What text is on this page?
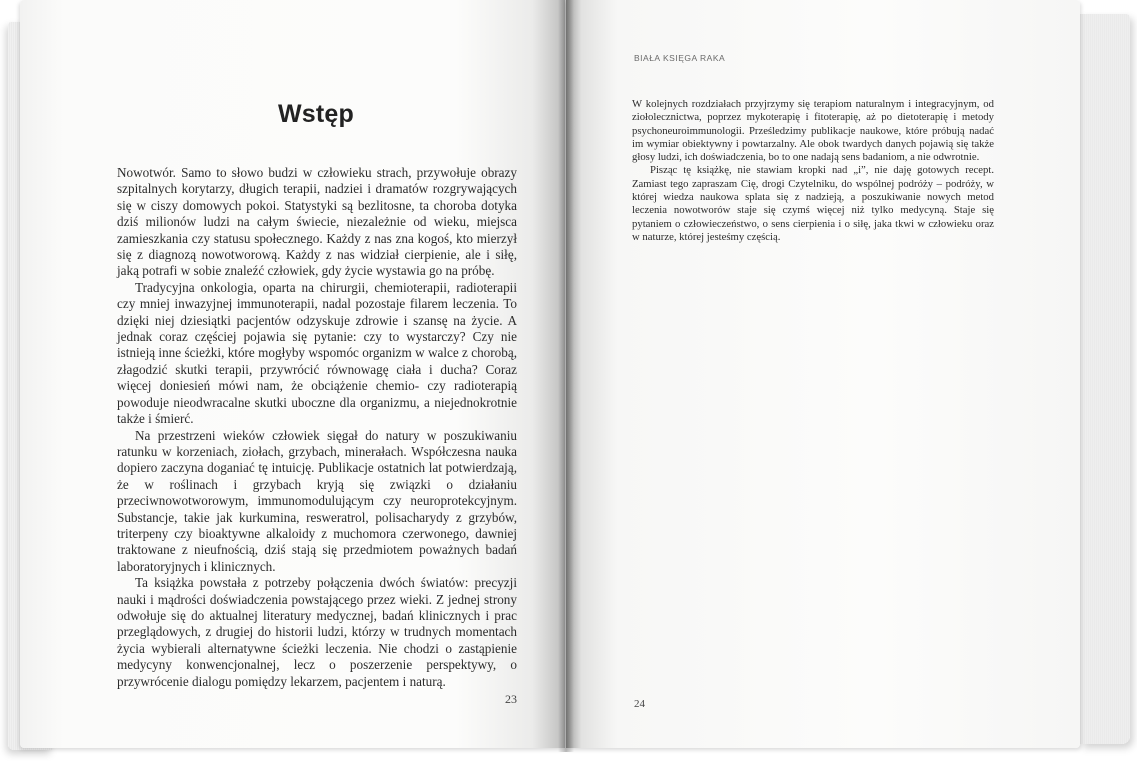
Wstęp

Nowotwór. Samo to słowo budzi w człowieku strach, przywołuje obrazy szpitalnych korytarzy, długich terapii, nadziei i dramatów rozgrywających się w ciszy domowych pokoi. Statystyki są bezlitosne, ta choroba dotyka dziś milionów ludzi na całym świecie, niezależnie od wieku, miejsca zamieszkania czy statusu społecznego. Każdy z nas zna kogoś, kto mierzył się z diagnozą nowotworową. Każdy z nas widział cierpienie, ale i siłę, jaką potrafi w sobie znaleźć człowiek, gdy życie wystawia go na próbę.

Tradycyjna onkologia, oparta na chirurgii, chemioterapii, radioterapii czy mniej inwazyjnej immunoterapii, nadal pozostaje filarem leczenia. To dzięki niej dziesiątki pacjentów odzyskuje zdrowie i szansę na życie. A jednak coraz częściej pojawia się pytanie: czy to wystarczy? Czy nie istnieją inne ścieżki, które mogłyby wspomóc organizm w walce z chorobą, złagodzić skutki terapii, przywrócić równowagę ciała i ducha? Coraz więcej doniesień mówi nam, że obciążenie chemio- czy radioterapią powoduje nieodwracalne skutki uboczne dla organizmu, a niejednokrotnie także i śmierć.

Na przestrzeni wieków człowiek sięgał do natury w poszukiwaniu ratunku w korzeniach, ziołach, grzybach, minerałach. Współczesna nauka dopiero zaczyna doganiać tę intuicję. Publikacje ostatnich lat potwierdzają, że w roślinach i grzybach kryją się związki o działaniu przeciwnowotworowym, immunomodulującym czy neuroprotekcyjnym. Substancje, takie jak kurkumina, resweratrol, polisacharydy z grzybów, triterpeny czy bioaktywne alkaloidy z muchomora czerwonego, dawniej traktowane z nieufnością, dziś stają się przedmiotem poważnych badań laboratoryjnych i klinicznych.

Ta książka powstała z potrzeby połączenia dwóch światów: precyzji nauki i mądrości doświadczenia powstającego przez wieki. Z jednej strony odwołuje się do aktualnej literatury medycznej, badań klinicznych i prac przeglądowych, z drugiej do historii ludzi, którzy w trudnych momentach życia wybierali alternatywne ścieżki leczenia. Nie chodzi o zastąpienie medycyny konwencjonalnej, lecz o poszerzenie perspektywy, o przywrócenie dialogu pomiędzy lekarzem, pacjentem i naturą.

23
BIAŁA KSIĘGA RAKA

W kolejnych rozdziałach przyjrzymy się terapiom naturalnym i integracyjnym, od ziołolecznictwa, poprzez mykoterapię i fitoterapię, aż po dietoterapię i metody psychoneuroimmunologii. Prześledzimy publikacje naukowe, które próbują nadać im wymiar obiektywny i powtarzalny. Ale obok twardych danych pojawią się także głosy ludzi, ich doświadczenia, bo to one nadają sens badaniom, a nie odwrotnie.

Pisząc tę książkę, nie stawiam kropki nad „i”, nie daję gotowych recept. Zamiast tego zapraszam Cię, drogi Czytelniku, do wspólnej podróży – podróży, w której wiedza naukowa splata się z nadzieją, a poszukiwanie nowych metod leczenia nowotworów staje się czymś więcej niż tylko medycyną. Staje się pytaniem o człowieczeństwo, o sens cierpienia i o siłę, jaka tkwi w człowieku oraz w naturze, której jesteśmy częścią.

24
